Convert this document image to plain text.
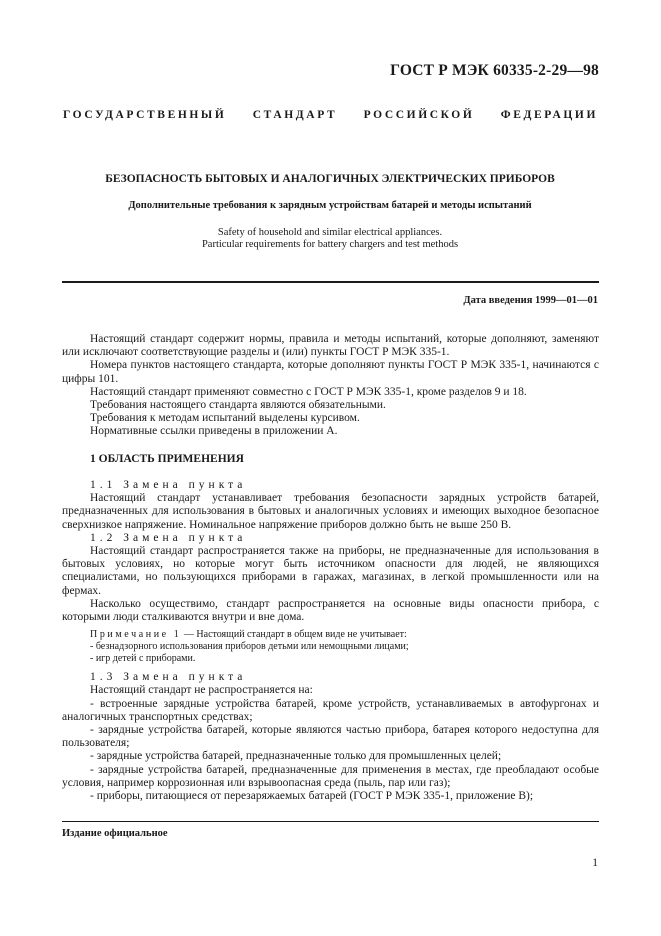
ГОСТ Р МЭК 60335-2-29—98
ГОСУДАРСТВЕННЫЙ СТАНДАРТ РОССИЙСКОЙ ФЕДЕРАЦИИ
БЕЗОПАСНОСТЬ БЫТОВЫХ И АНАЛОГИЧНЫХ ЭЛЕКТРИЧЕСКИХ ПРИБОРОВ
Дополнительные требования к зарядным устройствам батарей и методы испытаний
Safety of household and similar electrical appliances.
Particular requirements for battery chargers and test methods
Дата введения 1999—01—01

Настоящий стандарт содержит нормы, правила и методы испытаний, которые дополняют, заменяют или исключают соответствующие разделы и (или) пункты ГОСТ Р МЭК 335-1.

Номера пунктов настоящего стандарта, которые дополняют пункты ГОСТ Р МЭК 335-1, начинаются с цифры 101.

Настоящий стандарт применяют совместно с ГОСТ Р МЭК 335-1, кроме разделов 9 и 18.

Требования настоящего стандарта являются обязательными.

Требования к методам испытаний выделены курсивом.

Нормативные ссылки приведены в приложении А.

1 ОБЛАСТЬ ПРИМЕНЕНИЯ

1.1 Замена пункта

Настоящий стандарт устанавливает требования безопасности зарядных устройств батарей, предназначенных для использования в бытовых и аналогичных условиях и имеющих выходное безопасное сверхнизкое напряжение. Номинальное напряжение приборов должно быть не выше 250 В.

1.2 Замена пункта

Настоящий стандарт распространяется также на приборы, не предназначенные для использования в бытовых условиях, но которые могут быть источником опасности для людей, не являющихся специалистами, но пользующихся приборами в гаражах, магазинах, в легкой промышленности или на фермах.

Насколько осуществимо, стандарт распространяется на основные виды опасности прибора, с которыми люди сталкиваются внутри и вне дома.

Примечание 1 — Настоящий стандарт в общем виде не учитывает:
- безнадзорного использования приборов детьми или немощными лицами;
- игр детей с приборами.

1.3 Замена пункта

Настоящий стандарт не распространяется на:

- встроенные зарядные устройства батарей, кроме устройств, устанавливаемых в автофургонах и аналогичных транспортных средствах;

- зарядные устройства батарей, которые являются частью прибора, батарея которого недоступна для пользователя;

- зарядные устройства батарей, предназначенные только для промышленных целей;

- зарядные устройства батарей, предназначенные для применения в местах, где преобладают особые условия, например коррозионная или взрывоопасная среда (пыль, пар или газ);

- приборы, питающиеся от перезаряжаемых батарей (ГОСТ Р МЭК 335-1, приложение В);

Издание официальное
1
